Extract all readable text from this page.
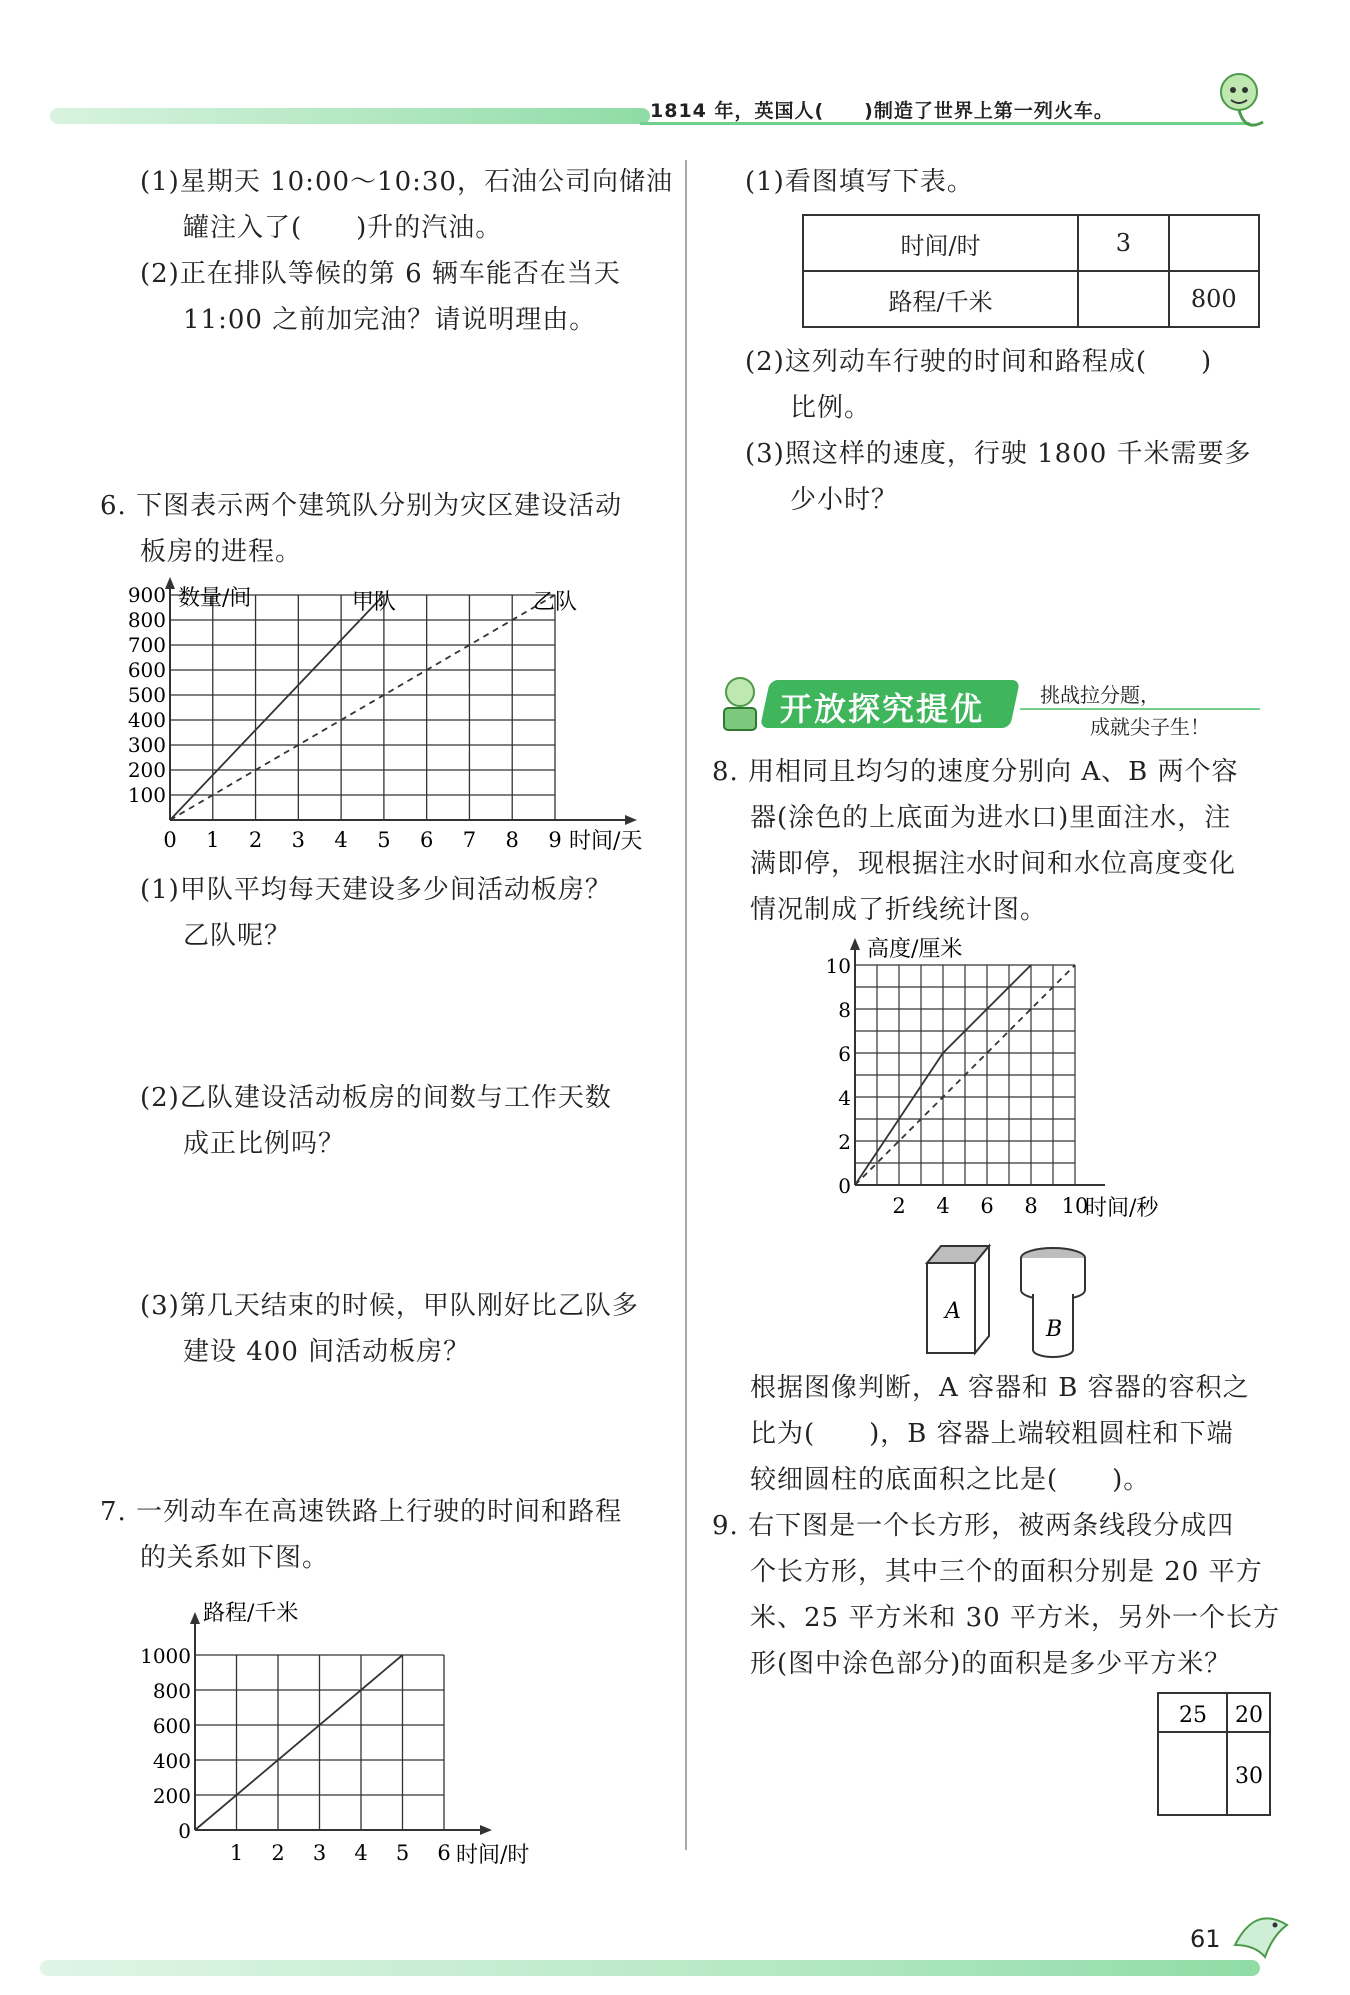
1814 年，英国人(　　)制造了世界上第一列火车。
(1)星期天 10:00～10:30，石油公司向储油
罐注入了(　　)升的汽油。
(2)正在排队等候的第 6 辆车能否在当天
11:00 之前加完油？请说明理由。
6. 下图表示两个建筑队分别为灾区建设活动
板房的进程。
100
200
300
400
500
600
700
800
900
0 1 2 3 4 5 6 7 8 9
数量/间
时间/天
甲队	乙队
(1)甲队平均每天建设多少间活动板房？
乙队呢？
(2)乙队建设活动板房的间数与工作天数
成正比例吗？
(3)第几天结束的时候，甲队刚好比乙队多
建设 400 间活动板房？
7. 一列动车在高速铁路上行驶的时间和路程
的关系如下图。
0
200
400
600
800
1000
1 2 3 4 5 6
路程/千米
时间/时
(1)看图填写下表。
时间/时	3	
路程/千米		800
(2)这列动车行驶的时间和路程成(　　)
比例。
(3)照这样的速度，行驶 1800 千米需要多
少小时？
开放探究提优	挑战拉分题，
成就尖子生！
8. 用相同且均匀的速度分别向 A、B 两个容
器(涂色的上底面为进水口)里面注水，注
满即停，现根据注水时间和水位高度变化
情况制成了折线统计图。
0
2
4
6
8
10
2 4 6 8 10
高度/厘米
时间/秒
A
B
根据图像判断，A 容器和 B 容器的容积之
比为(　　)，B 容器上端较粗圆柱和下端
较细圆柱的底面积之比是(　　)。
9. 右下图是一个长方形，被两条线段分成四
个长方形，其中三个的面积分别是 20 平方
米、25 平方米和 30 平方米，另外一个长方
形(图中涂色部分)的面积是多少平方米？
25 20
30
61
